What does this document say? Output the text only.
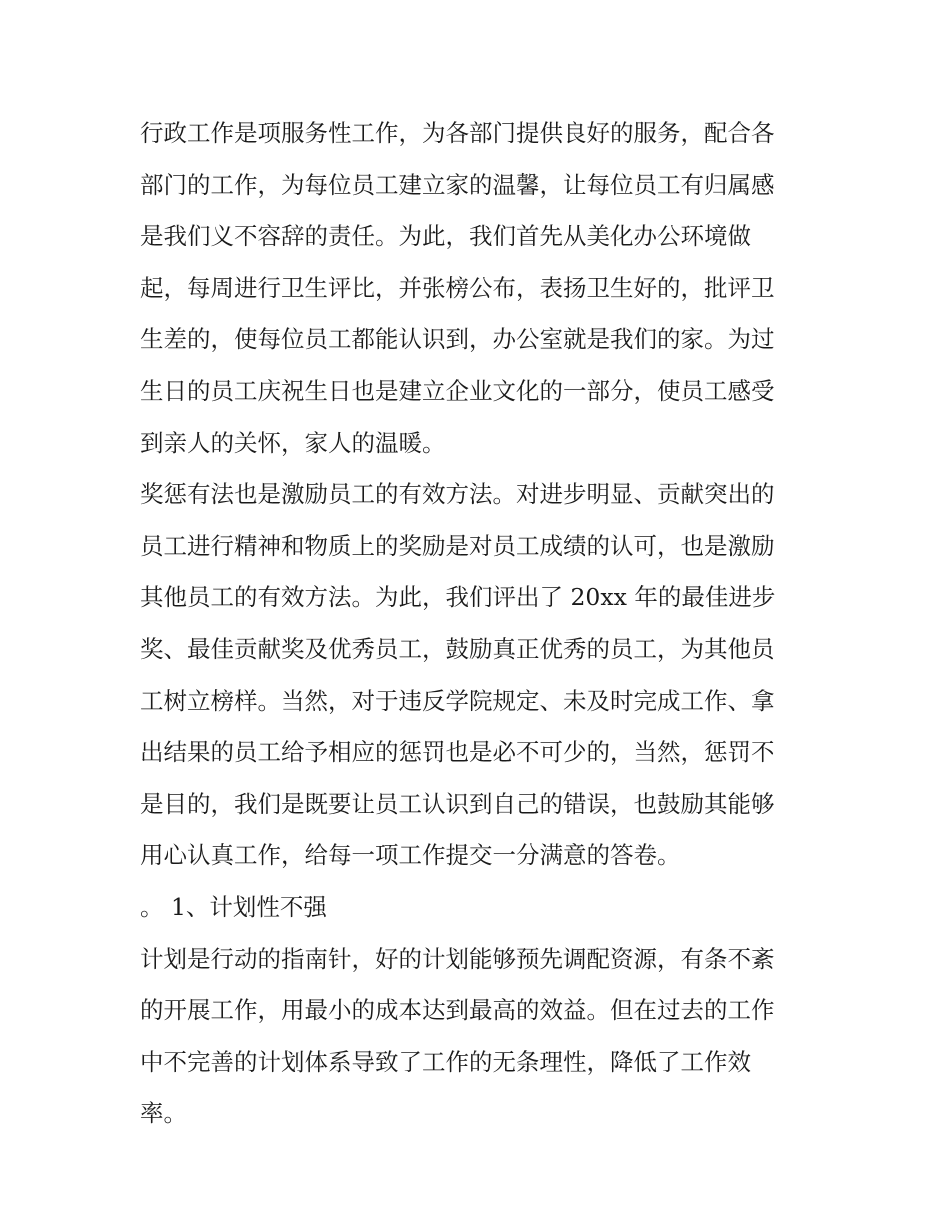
行政工作是项服务性工作，为各部门提供良好的服务，配合各
部门的工作，为每位员工建立家的温馨，让每位员工有归属感
是我们义不容辞的责任。为此，我们首先从美化办公环境做
起，每周进行卫生评比，并张榜公布，表扬卫生好的，批评卫
生差的，使每位员工都能认识到，办公室就是我们的家。为过
生日的员工庆祝生日也是建立企业文化的一部分，使员工感受
到亲人的关怀，家人的温暖。

奖惩有法也是激励员工的有效方法。对进步明显、贡献突出的
员工进行精神和物质上的奖励是对员工成绩的认可，也是激励
其他员工的有效方法。为此，我们评出了 20xx 年的最佳进步
奖、最佳贡献奖及优秀员工，鼓励真正优秀的员工，为其他员
工树立榜样。当然，对于违反学院规定、未及时完成工作、拿
出结果的员工给予相应的惩罚也是必不可少的，当然，惩罚不
是目的，我们是既要让员工认识到自己的错误，也鼓励其能够
用心认真工作，给每一项工作提交一分满意的答卷。

。 1、计划性不强

计划是行动的指南针，好的计划能够预先调配资源，有条不紊
的开展工作，用最小的成本达到最高的效益。但在过去的工作
中不完善的计划体系导致了工作的无条理性，降低了工作效
率。
